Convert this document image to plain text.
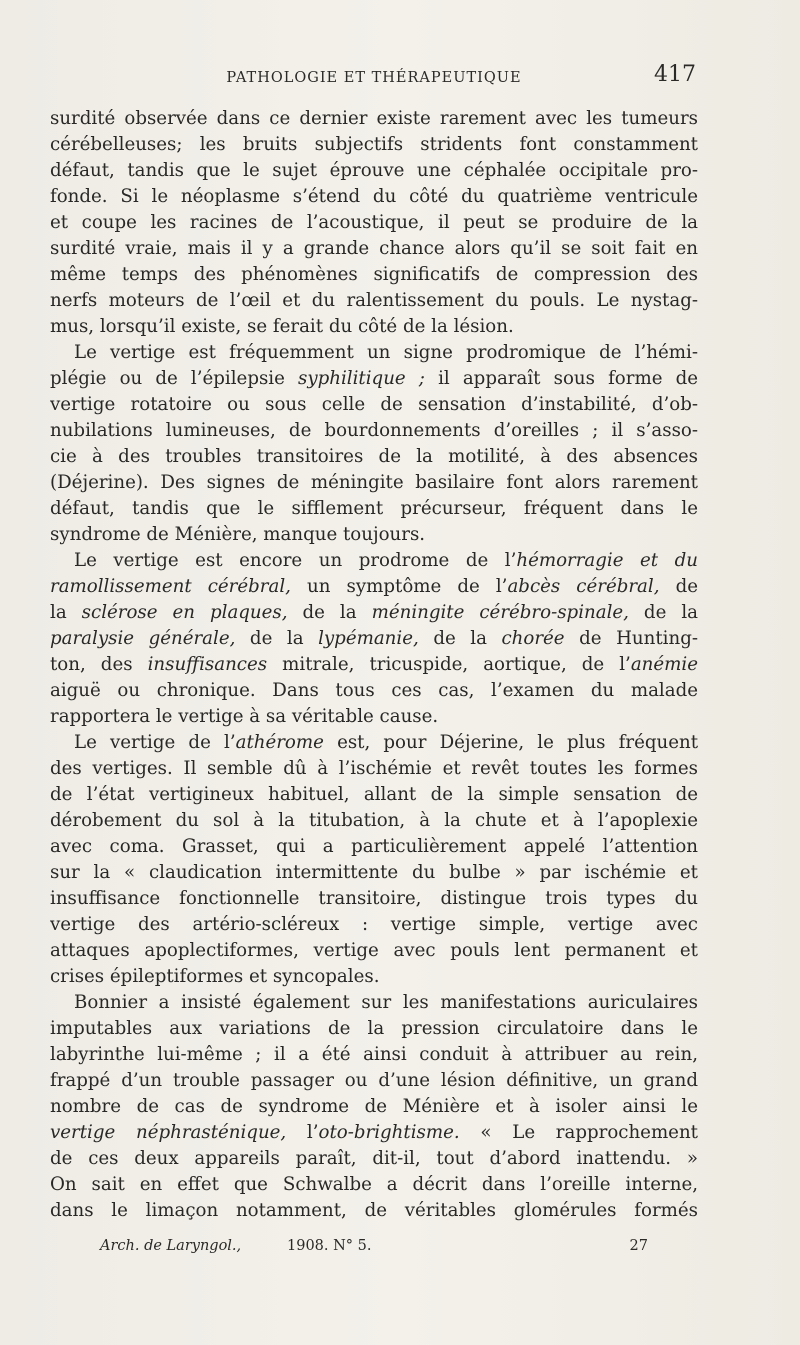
PATHOLOGIE ET THÉRAPEUTIQUE	417

surdité observée dans ce dernier existe rarement avec les tumeurs

cérébelleuses; les bruits subjectifs stridents font constamment

défaut, tandis que le sujet éprouve une céphalée occipitale pro-

fonde. Si le néoplasme s’étend du côté du quatrième ventricule

et coupe les racines de l’acoustique, il peut se produire de la

surdité vraie, mais il y a grande chance alors qu’il se soit fait en

même temps des phénomènes significatifs de compression des

nerfs moteurs de l’œil et du ralentissement du pouls. Le nystag-

mus, lorsqu’il existe, se ferait du côté de la lésion.

Le vertige est fréquemment un signe prodromique de l’hémi-

plégie ou de l’épilepsie syphilitique ; il apparaît sous forme de

vertige rotatoire ou sous celle de sensation d’instabilité, d’ob-

nubilations lumineuses, de bourdonnements d’oreilles ; il s’asso-

cie à des troubles transitoires de la motilité, à des absences

(Déjerine). Des signes de méningite basilaire font alors rarement

défaut, tandis que le sifflement précurseur, fréquent dans le

syndrome de Ménière, manque toujours.

Le vertige est encore un prodrome de l’hémorragie et du

ramollissement cérébral, un symptôme de l’abcès cérébral, de

la sclérose en plaques, de la méningite cérébro-spinale, de la

paralysie générale, de la lypémanie, de la chorée de Hunting-

ton, des insuffisances mitrale, tricuspide, aortique, de l’anémie

aiguë ou chronique. Dans tous ces cas, l’examen du malade

rapportera le vertige à sa véritable cause.

Le vertige de l’athérome est, pour Déjerine, le plus fréquent

des vertiges. Il semble dû à l’ischémie et revêt toutes les formes

de l’état vertigineux habituel, allant de la simple sensation de

dérobement du sol à la titubation, à la chute et à l’apoplexie

avec coma. Grasset, qui a particulièrement appelé l’attention

sur la « claudication intermittente du bulbe » par ischémie et

insuffisance fonctionnelle transitoire, distingue trois types du

vertige des artério-scléreux : vertige simple, vertige avec

attaques apoplectiformes, vertige avec pouls lent permanent et

crises épileptiformes et syncopales.

Bonnier a insisté également sur les manifestations auriculaires

imputables aux variations de la pression circulatoire dans le

labyrinthe lui-même ; il a été ainsi conduit à attribuer au rein,

frappé d’un trouble passager ou d’une lésion définitive, un grand

nombre de cas de syndrome de Ménière et à isoler ainsi le

vertige néphrasténique, l’oto-brightisme. « Le rapprochement

de ces deux appareils paraît, dit-il, tout d’abord inattendu. »

On sait en effet que Schwalbe a décrit dans l’oreille interne,

dans le limaçon notamment, de véritables glomérules formés

Arch. de Laryngol.,	1908. N° 5.	27
